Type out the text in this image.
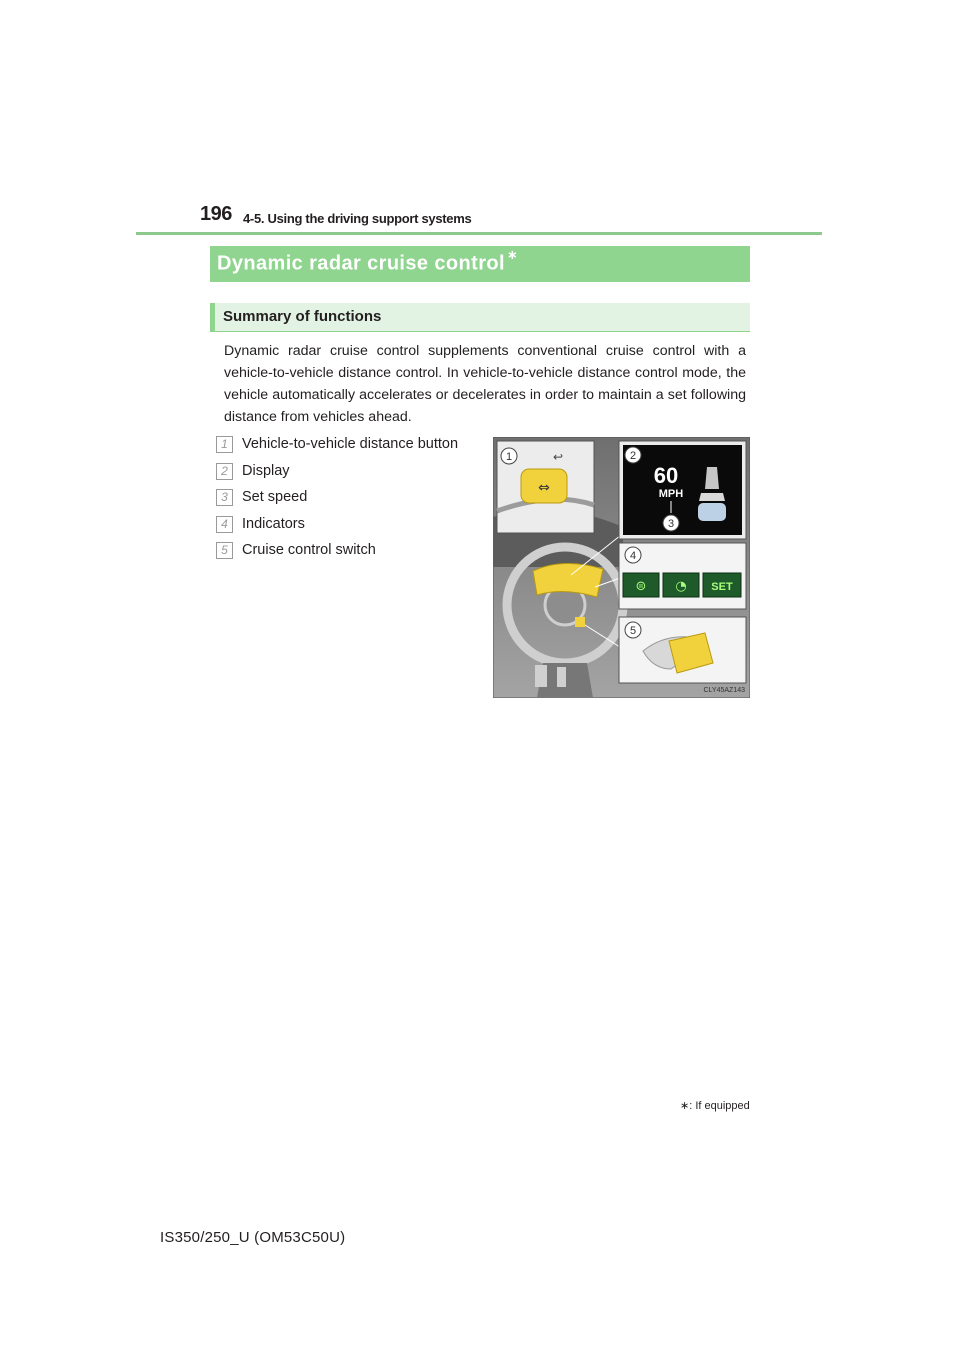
196 4-5. Using the driving support systems
Dynamic radar cruise control ∗
Summary of functions
Dynamic radar cruise control supplements conventional cruise control with a vehicle-to-vehicle distance control. In vehicle-to-vehicle distance control mode, the vehicle automatically accelerates or decelerates in order to maintain a set following distance from vehicles ahead.
1 Vehicle-to-vehicle distance button
2 Display
3 Set speed
4 Indicators
5 Cruise control switch
⇔
↩
60
MPH
⊜ ◔ SET
1	2
3
4
5
CLY45AZ143
∗: If equipped
IS350/250_U (OM53C50U)
